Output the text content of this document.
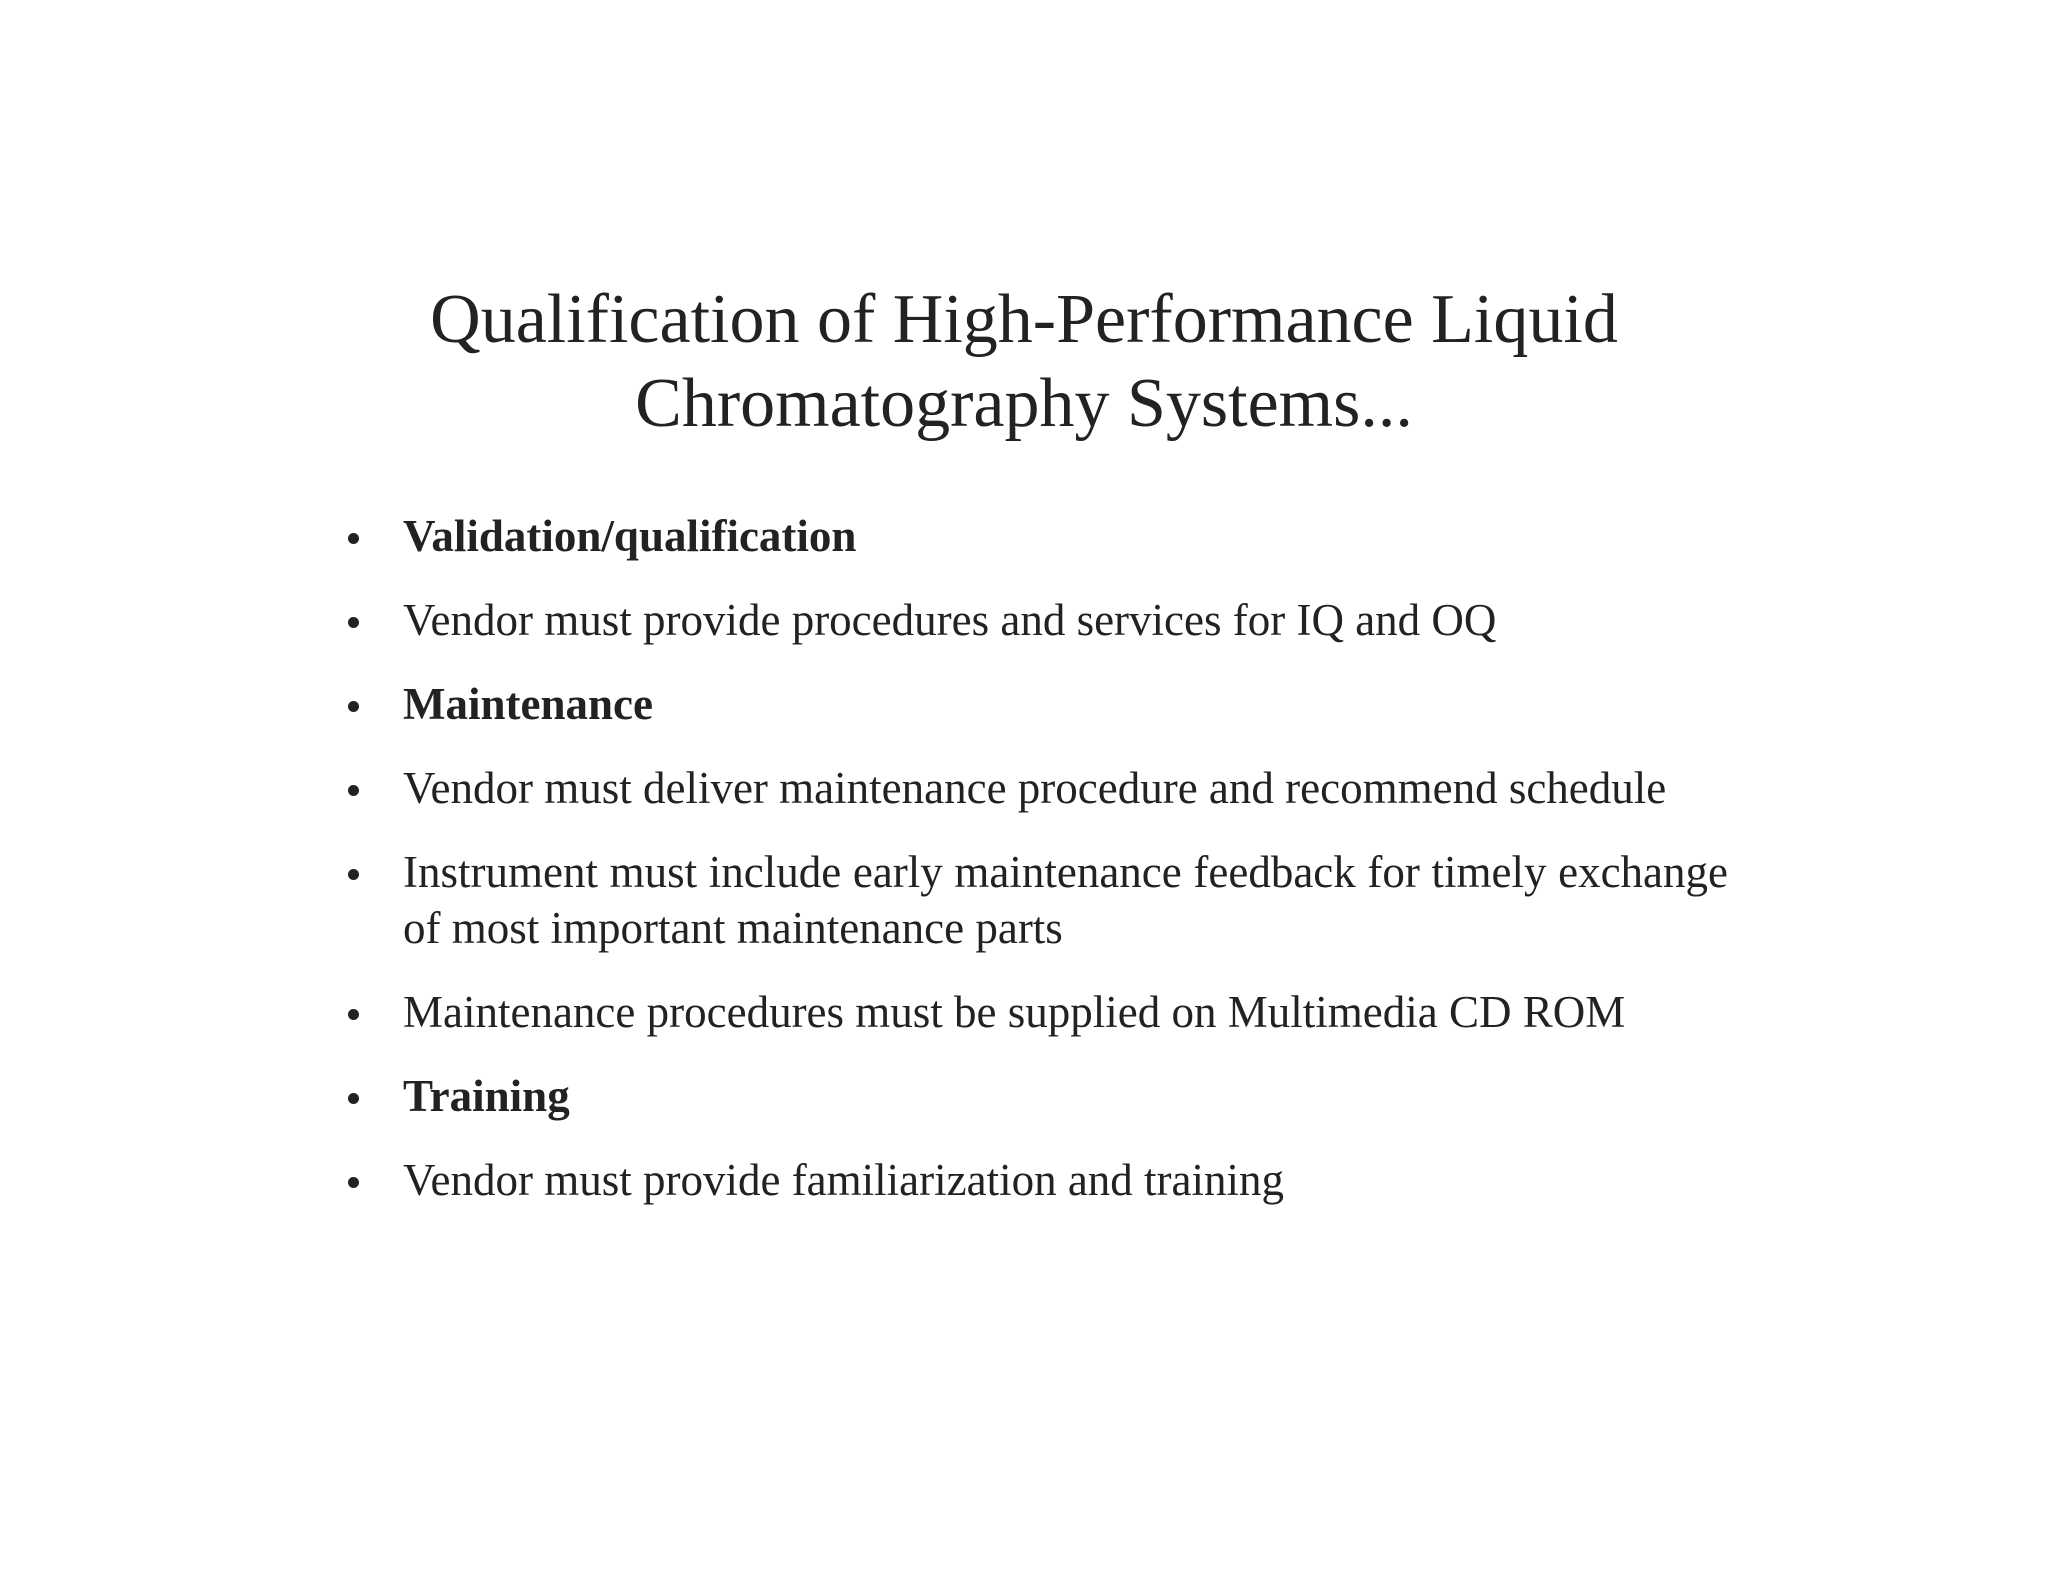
Qualification of High-Performance Liquid
Chromatography Systems...
Validation/qualification
Vendor must provide procedures and services for IQ and OQ
Maintenance
Vendor must deliver maintenance procedure and recommend schedule
Instrument must include early maintenance feedback for timely exchange of most important maintenance parts
Maintenance procedures must be supplied on Multimedia CD ROM
Training
Vendor must provide familiarization and training
